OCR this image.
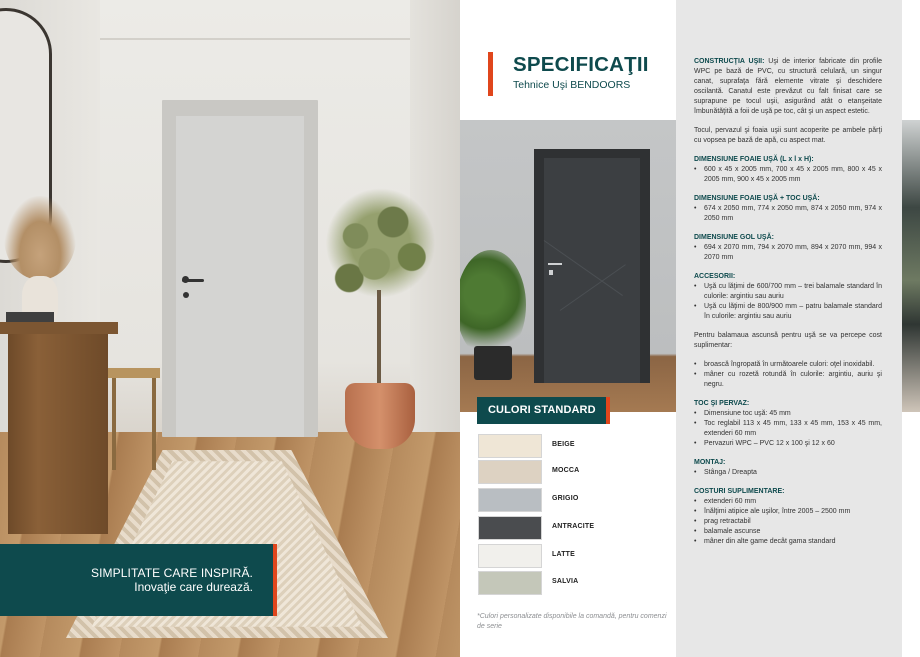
SIMPLITATE CARE INSPIRĂ.
Inovaţie care durează.
SPECIFICAŢII
Tehnice Uşi BENDOORS
CULORI STANDARD
BEIGE
MOCCA
GRIGIO
ANTRACITE
LATTE
SALVIA
*Culori personalizate disponibile la comandă, pentru comenzi de serie

CONSTRUCŢIA UŞII: Uşi de interior fabricate din profile WPC pe bază de PVC, cu structură celulară, un singur canat, suprafaţa fără elemente vitrate şi deschidere oscilantă. Canatul este prevăzut cu falt finisat care se suprapune pe tocul uşii, asigurând atât o etanşeitate îmbunătăţită a foii de uşă pe toc, cât şi un aspect estetic.

Tocul, pervazul şi foaia uşii sunt acoperite pe ambele părţi cu vopsea pe bază de apă, cu aspect mat.

DIMENSIUNE FOAIE UŞĂ (L x l x H):
• 600 x 45 x 2005 mm, 700 x 45 x 2005 mm, 800 x 45 x 2005 mm, 900 x 45 x 2005 mm
DIMENSIUNE FOAIE UŞĂ + TOC UŞĂ:
• 674 x 2050 mm, 774 x 2050 mm, 874 x 2050 mm, 974 x 2050 mm
DIMENSIUNE GOL UŞĂ:
• 694 x 2070 mm, 794 x 2070 mm, 894 x 2070 mm, 994 x 2070 mm
ACCESORII:
• Uşă cu lăţimi de 600/700 mm – trei balamale standard în culorile: argintiu sau auriu
• Uşă cu lăţimi de 800/900 mm – patru balamale standard în culorile: argintiu sau auriu

Pentru balamaua ascunsă pentru uşă se va percepe cost suplimentar:

• broască îngropată în următoarele culori: oţel inoxidabil.
• mâner cu rozetă rotundă în culorile: argintiu, auriu şi negru.
TOC ŞI PERVAZ:
• Dimensiune toc uşă: 45 mm
• Toc reglabil 113 x 45 mm, 133 x 45 mm, 153 x 45 mm, extenderi 60 mm
• Pervazuri WPC – PVC 12 x 100 şi 12 x 60
MONTAJ:
• Stânga / Dreapta
COSTURI SUPLIMENTARE:
• extenderi 60 mm
• înălţimi atipice ale uşilor, între 2005 – 2500 mm
• prag retractabil
• balamale ascunse
• mâner din alte game decât gama standard
